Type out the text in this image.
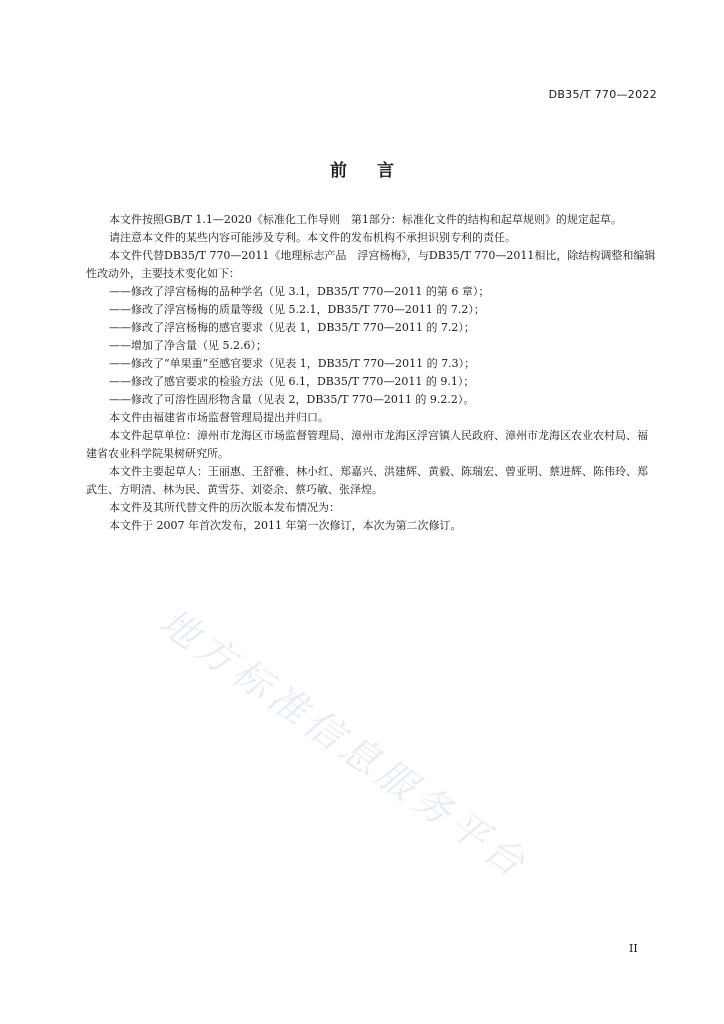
DB35/T 770—2022
前言

本文件按照GB/T 1.1—2020《标准化工作导则　第1部分：标准化文件的结构和起草规则》的规定起草。

请注意本文件的某些内容可能涉及专利。本文件的发布机构不承担识别专利的责任。

本文件代替DB35/T 770—2011《地理标志产品　浮宫杨梅》，与DB35/T 770—2011相比，除结构调整和编辑性改动外，主要技术变化如下：

——修改了浮宫杨梅的品种学名（见 3.1，DB35/T 770—2011 的第 6 章）；

——修改了浮宫杨梅的质量等级（见 5.2.1，DB35/T 770—2011 的 7.2）；

——修改了浮宫杨梅的感官要求（见表 1，DB35/T 770—2011 的 7.2）；

——增加了净含量（见 5.2.6）；

——修改了“单果重”至感官要求（见表 1，DB35/T 770—2011 的 7.3）；

——修改了感官要求的检验方法（见 6.1，DB35/T 770—2011 的 9.1）；

——修改了可溶性固形物含量（见表 2，DB35/T 770—2011 的 9.2.2）。

本文件由福建省市场监督管理局提出并归口。

本文件起草单位：漳州市龙海区市场监督管理局、漳州市龙海区浮宫镇人民政府、漳州市龙海区农业农村局、福建省农业科学院果树研究所。

本文件主要起草人：王丽惠、王舒雅、林小红、郑嘉兴、洪建辉、黄毅、陈瑞宏、曾亚明、蔡进辉、陈伟玲、郑武生、方明清、林为民、黄雪芬、刘姿余、蔡巧敏、张泽煌。

本文件及其所代替文件的历次版本发布情况为：

本文件于 2007 年首次发布，2011 年第一次修订，本次为第二次修订。

地方标准信息服务平台
II
